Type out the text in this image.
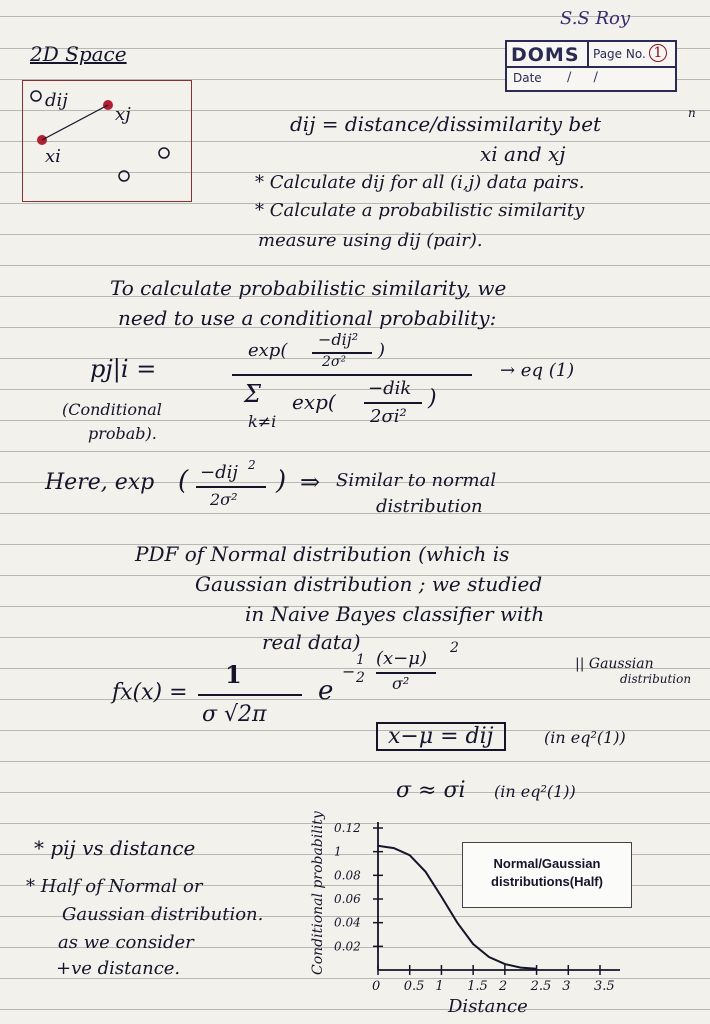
S.S Roy
DOMS Page No. 1
Date / /
2D Space
dij
xj
xi
dij = distance/dissimilarity bet	n
xi and xj
* Calculate dij for all (i,j) data pairs.
* Calculate a probabilistic similarity
measure using dij (pair).
To calculate probabilistic similarity, we
need to use a conditional probability:
pj|i =
exp(
−dij²
2σ²
)
Σ
k≠i
exp(
−dik
2σi²
)
→ eq (1)
(Conditional
probab).
Here, exp ( −dij 2
2σ²
) ⇒ Similar to normal
distribution
PDF of Normal distribution (which is
Gaussian distribution ; we studied
in Naive Bayes classifier with
real data)
fx(x) =
1
σ √2π
e
−
1
2
(x−μ)
σ²
2
|| Gaussian
distribution
x−μ = dij	(in eq²(1))
σ ≈ σi (in eq²(1))
* pij vs distance
* Half of Normal or
Gaussian distribution.
as we consider
+ve distance.	Conditional probability
Distance
0 0.5 1 1.5 2 2.5 3 3.5
0.02
0.04
0.06
0.08
1
0.12
Normal/Gaussian distributions(Half)
